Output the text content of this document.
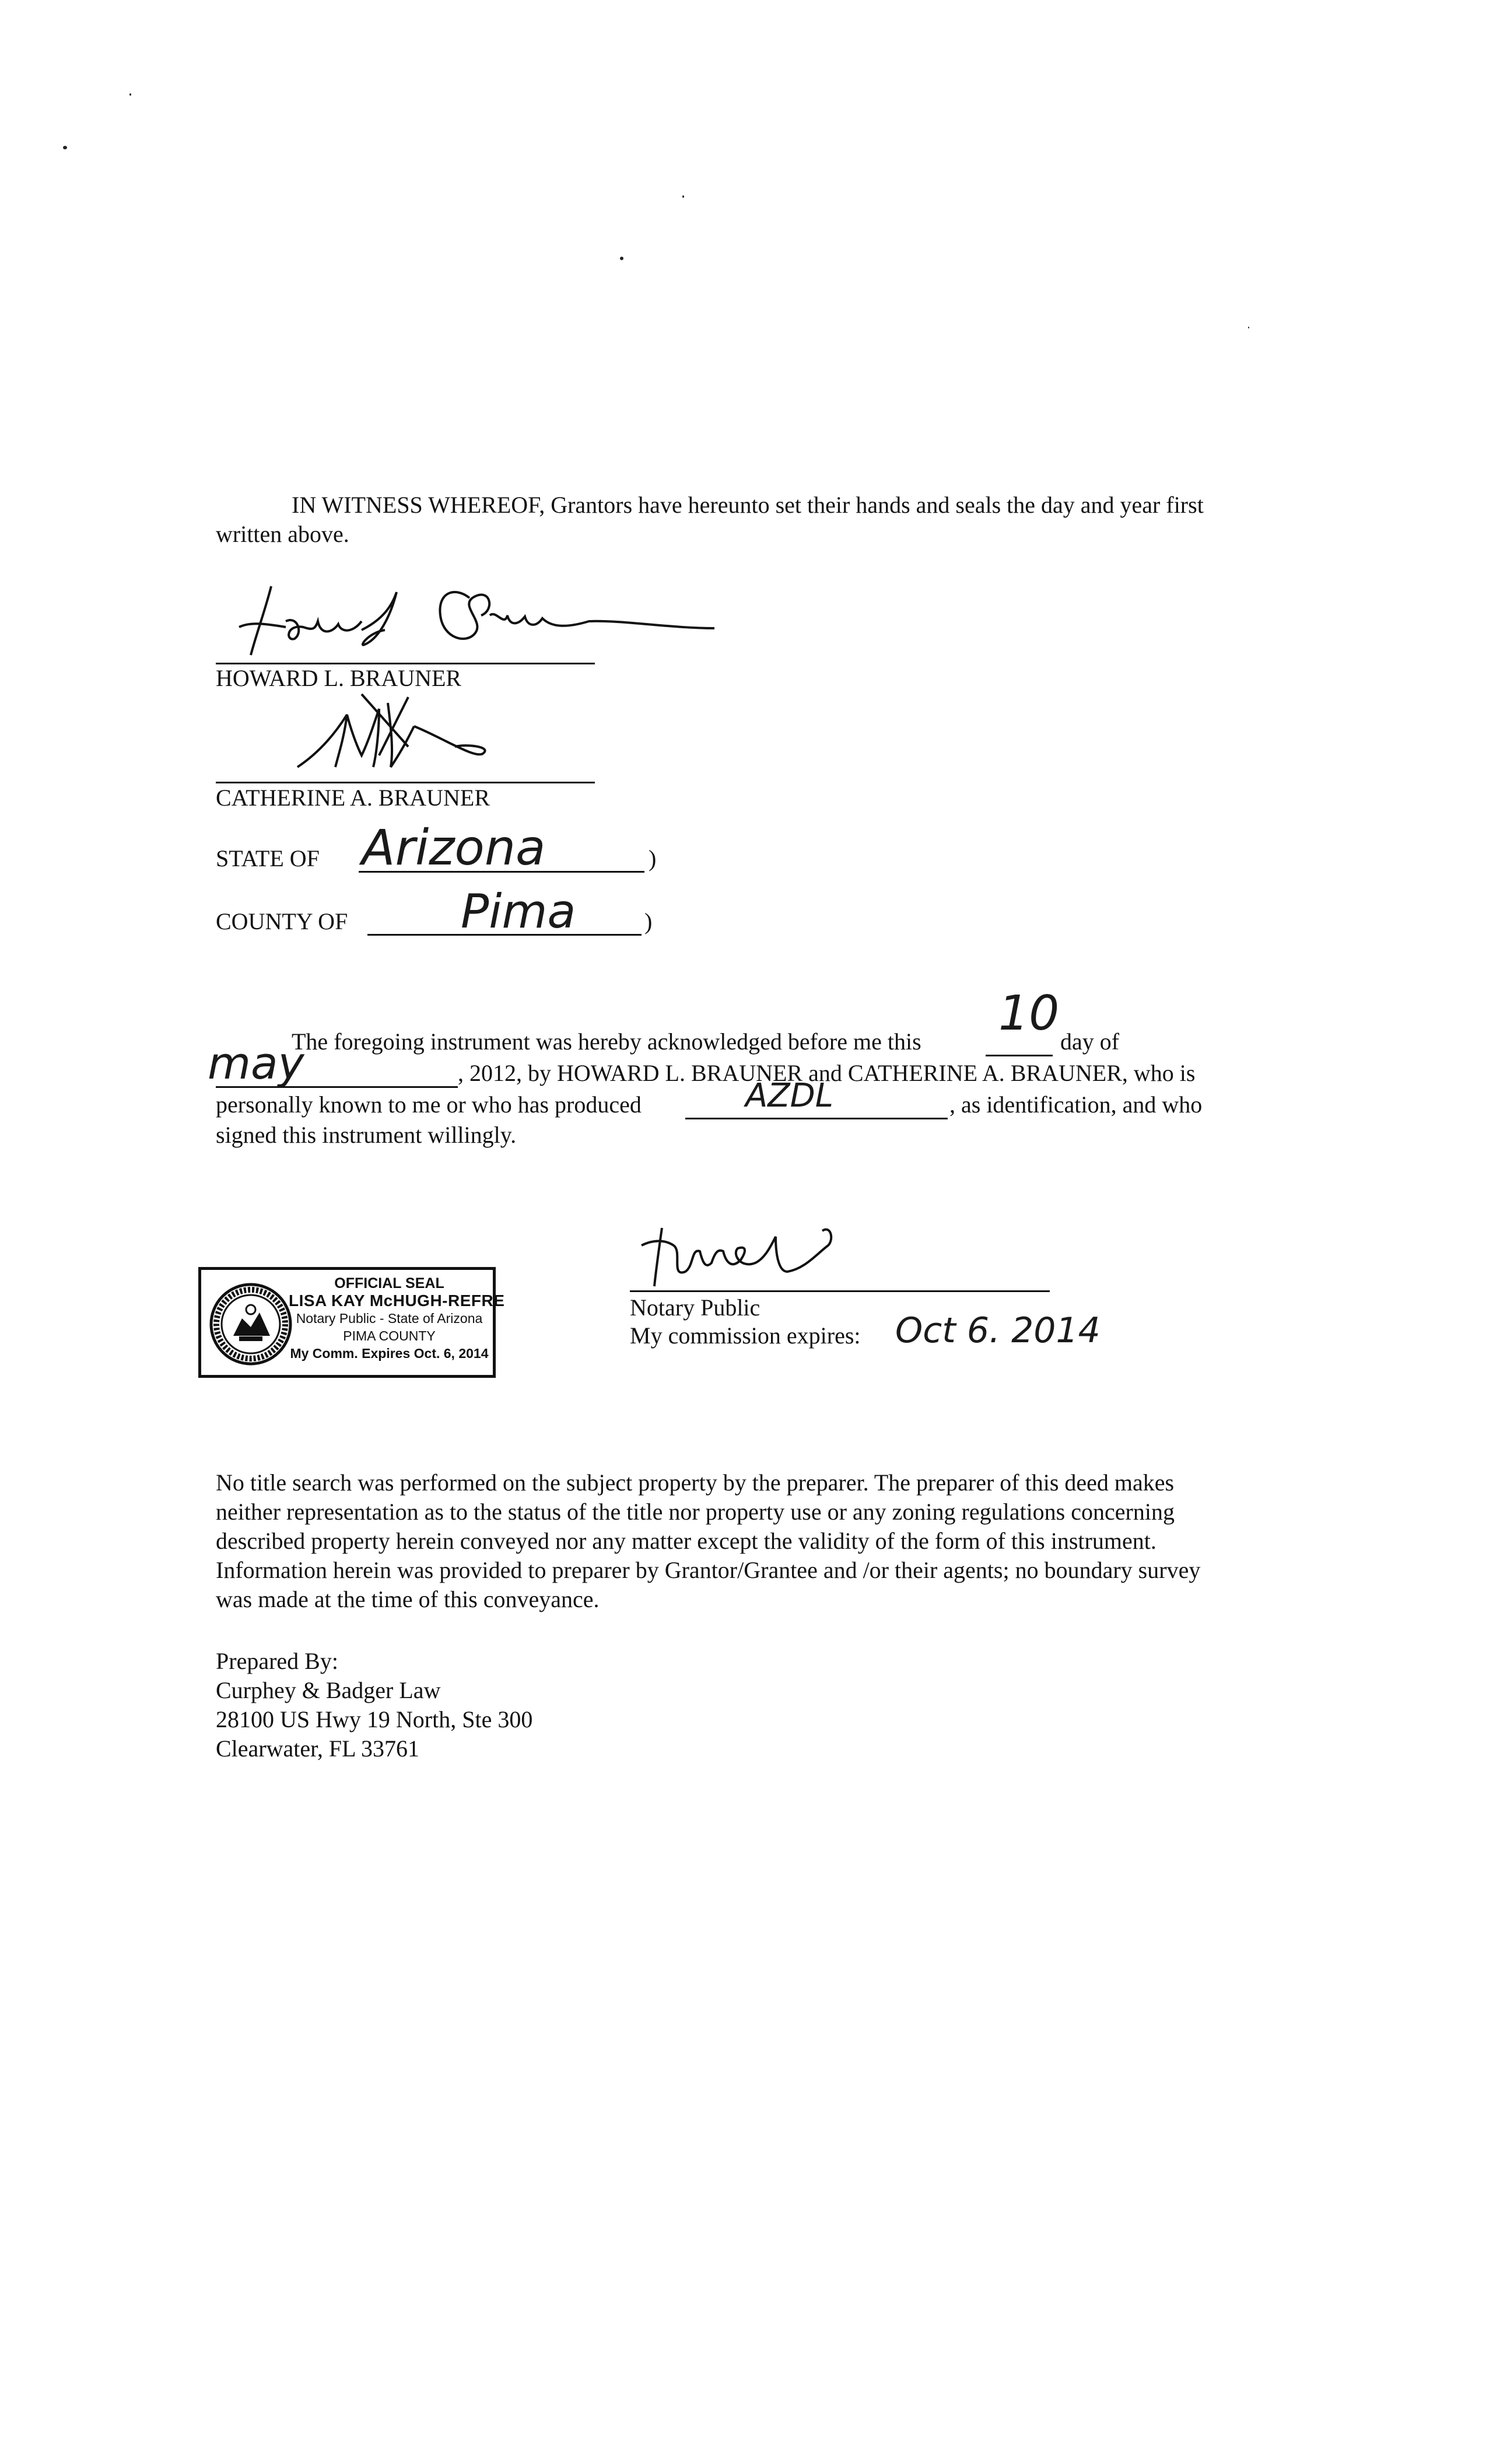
IN WITNESS WHEREOF, Grantors have hereunto set their hands and seals the day and year first
written above.
HOWARD L. BRAUNER
CATHERINE A. BRAUNER
STATE OF Arizona	)
COUNTY OF Pima	)
The foregoing instrument was hereby acknowledged before me this
10
day of
may	, 2012, by HOWARD L. BRAUNER and CATHERINE A. BRAUNER, who is
personally known to me or who has produced	AZDL	, as identification, and who
signed this instrument willingly.
Notary Public
My commission expires: Oct 6. 2014
OFFICIAL SEAL
LISA KAY McHUGH-REFRE
Notary Public - State of Arizona
PIMA COUNTY
My Comm. Expires Oct. 6, 2014
No title search was performed on the subject property by the preparer. The preparer of this deed makes
neither representation as to the status of the title nor property use or any zoning regulations concerning
described property herein conveyed nor any matter except the validity of the form of this instrument.
Information herein was provided to preparer by Grantor/Grantee and /or their agents; no boundary survey
was made at the time of this conveyance.
Prepared By:
Curphey & Badger Law
28100 US Hwy 19 North, Ste 300
Clearwater, FL 33761
